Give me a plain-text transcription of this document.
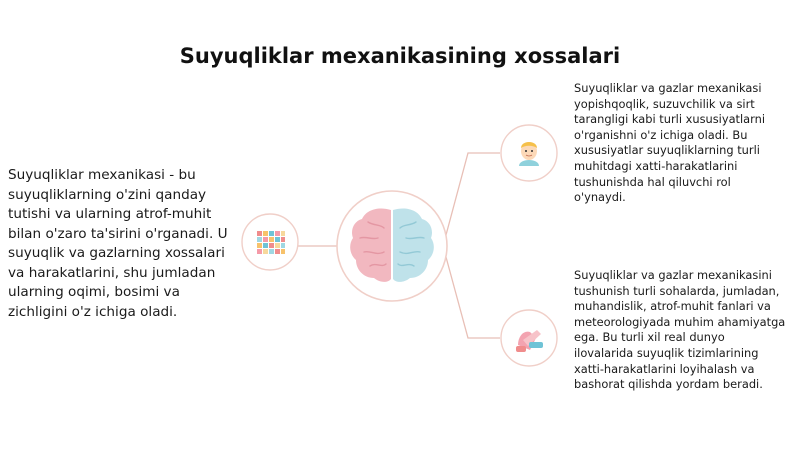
Suyuqliklar mexanikasining xossalari
Suyuqliklar mexanikasi - bu suyuqliklarning o'zini qanday tutishi va ularning atrof-muhit bilan o'zaro ta'sirini o'rganadi. U suyuqlik va gazlarning xossalari va harakatlarini, shu jumladan ularning oqimi, bosimi va zichligini o'z ichiga oladi.
Suyuqliklar va gazlar mexanikasi yopishqoqlik, suzuvchilik va sirt tarangligi kabi turli xususiyatlarni o'rganishni o'z ichiga oladi. Bu xususiyatlar suyuqliklarning turli muhitdagi xatti-harakatlarini tushunishda hal qiluvchi rol o'ynaydi.
Suyuqliklar va gazlar mexanikasini tushunish turli sohalarda, jumladan, muhandislik, atrof-muhit fanlari va meteorologiyada muhim ahamiyatga ega. Bu turli xil real dunyo ilovalarida suyuqlik tizimlarining xatti-harakatlarini loyihalash va bashorat qilishda yordam beradi.
